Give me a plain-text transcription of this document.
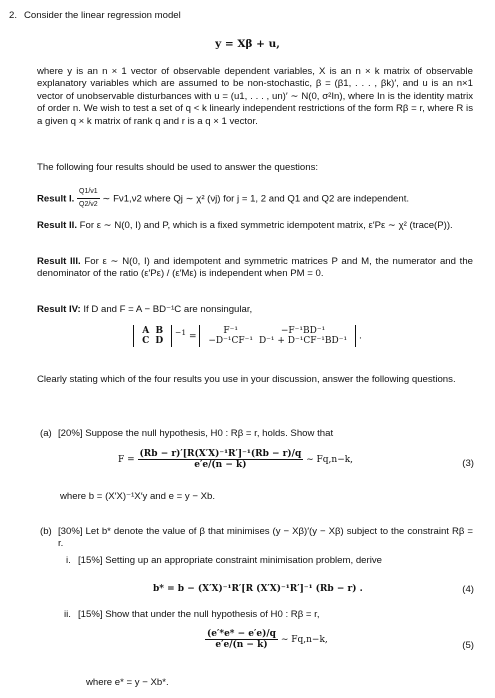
2. Consider the linear regression model
y = Xβ + u,
where y is an n × 1 vector of observable dependent variables, X is an n × k matrix of observable explanatory variables which are assumed to be non-stochastic, β = (β1, . . . , βk)′, and u is an n×1 vector of unobservable disturbances with u = (u1, . . . , un)′ ∼ N(0, σ²In), where In is the identity matrix of order n. We wish to test a set of q < k linearly independent restrictions of the form Rβ = r, where R is a given q × k matrix of rank q and r is a q × 1 vector.
The following four results should be used to answer the questions:
Result I. $\frac{Q1/\nu 1}{Q2/\nu 2}$ ∼ Fν1,ν2 where Qj ∼ χ² (νj) for j = 1, 2 and Q1 and Q2 are independent.
Result II. For ε ∼ N(0, I) and P, which is a fixed symmetric idempotent matrix, ε′Pε ∼ χ² (trace(P)).
Result III. For ε ∼ N(0, I) and idempotent and symmetric matrices P and M, the numerator and the denominator of the ratio (ε′Pε) / (ε′Mε) is independent when PM = 0.
Result IV: If D and F = A − BD⁻¹C are nonsingular,
A	B
C	D
$^{-1}$ =
F⁻¹	−F⁻¹BD⁻¹
−D⁻¹CF⁻¹	D⁻¹ + D⁻¹CF⁻¹BD⁻¹ .
Clearly stating which of the four results you use in your discussion, answer the following questions.
(a) [20%] Suppose the null hypothesis, H0 : Rβ = r, holds. Show that
$F = \frac{\text{(Rb − r)′[R(X′X)⁻¹R′]⁻¹(Rb − r)/q}}{e'e/(n - k)}$ ∼ Fq,n−k,	(3)
where b = (X′X)⁻¹X′y and e = y − Xb.
(b) [30%] Let b* denote the value of β that minimises (y − Xβ)′(y − Xβ) subject to the constraint Rβ = r.
i. [15%] Setting up an appropriate constraint minimisation problem, derive
b* = b − (X′X)⁻¹R′[R (X′X)⁻¹R′]⁻¹ (Rb − r) .	(4)
ii. [15%] Show that under the null hypothesis of H0 : Rβ = r,
$\frac{(e'*e* - e'e)/q}{e'e/(n - k)}$ ∼ Fq,n−k,	(5)
where e* = y − Xb*.
